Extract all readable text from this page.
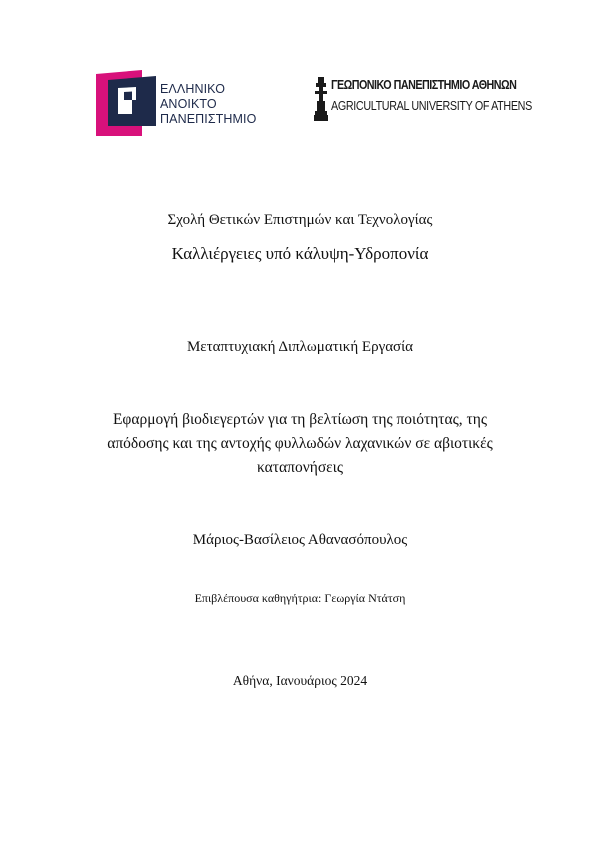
ΕΛΛΗΝΙΚΟ
ΑΝΟΙΚΤΟ
ΠΑΝΕΠΙΣΤΗΜΙΟ
ΓΕΩΠΟΝΙΚΟ ΠΑΝΕΠΙΣΤΗΜΙΟ ΑΘΗΝΩΝ
AGRICULTURAL UNIVERSITY OF ATHENS
Σχολή Θετικών Επιστημών και Τεχνολογίας
Καλλιέργειες υπό κάλυψη-Υδροπονία
Μεταπτυχιακή Διπλωματική Εργασία
Εφαρμογή βιοδιεγερτών για τη βελτίωση της ποιότητας, της
απόδοσης και της αντοχής φυλλωδών λαχανικών σε αβιοτικές
καταπονήσεις
Μάριος-Βασίλειος Αθανασόπουλος
Επιβλέπουσα καθηγήτρια: Γεωργία Ντάτση
Αθήνα, Ιανουάριος 2024
